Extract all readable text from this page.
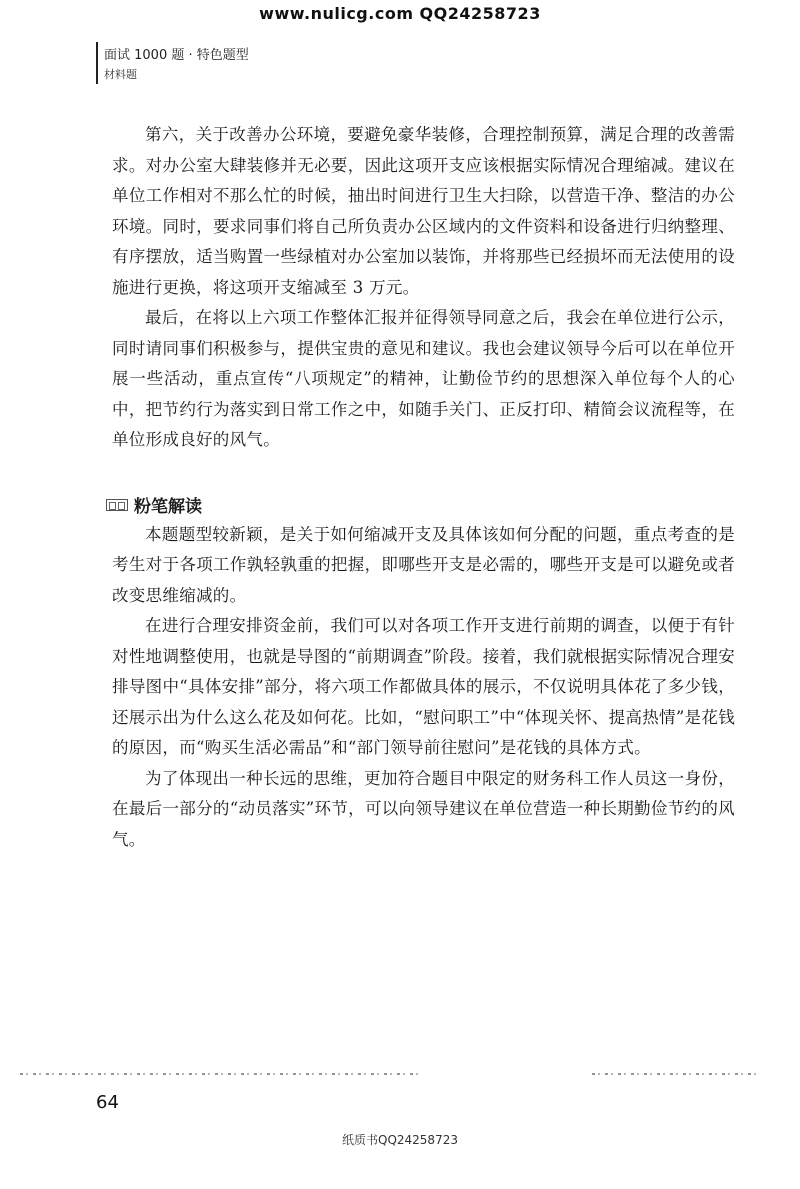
www.nulicg.com QQ24258723
面试 1000 题 · 特色题型
材料题

第六，关于改善办公环境，要避免豪华装修，合理控制预算，满足合理的改善需求。对办公室大肆装修并无必要，因此这项开支应该根据实际情况合理缩减。建议在单位工作相对不那么忙的时候，抽出时间进行卫生大扫除，以营造干净、整洁的办公环境。同时，要求同事们将自己所负责办公区域内的文件资料和设备进行归纳整理、有序摆放，适当购置一些绿植对办公室加以装饰，并将那些已经损坏而无法使用的设施进行更换，将这项开支缩减至 3 万元。

最后，在将以上六项工作整体汇报并征得领导同意之后，我会在单位进行公示，同时请同事们积极参与，提供宝贵的意见和建议。我也会建议领导今后可以在单位开展一些活动，重点宣传“八项规定”的精神，让勤俭节约的思想深入单位每个人的心中，把节约行为落实到日常工作之中，如随手关门、正反打印、精简会议流程等，在单位形成良好的风气。

粉笔解读

本题题型较新颖，是关于如何缩减开支及具体该如何分配的问题，重点考查的是考生对于各项工作孰轻孰重的把握，即哪些开支是必需的，哪些开支是可以避免或者改变思维缩减的。

在进行合理安排资金前，我们可以对各项工作开支进行前期的调查，以便于有针对性地调整使用，也就是导图的“前期调查”阶段。接着，我们就根据实际情况合理安排导图中“具体安排”部分，将六项工作都做具体的展示，不仅说明具体花了多少钱，还展示出为什么这么花及如何花。比如，“慰问职工”中“体现关怀、提高热情”是花钱的原因，而“购买生活必需品”和“部门领导前往慰问”是花钱的具体方式。

为了体现出一种长远的思维，更加符合题目中限定的财务科工作人员这一身份，在最后一部分的“动员落实”环节，可以向领导建议在单位营造一种长期勤俭节约的风气。

64
纸质书QQ24258723
